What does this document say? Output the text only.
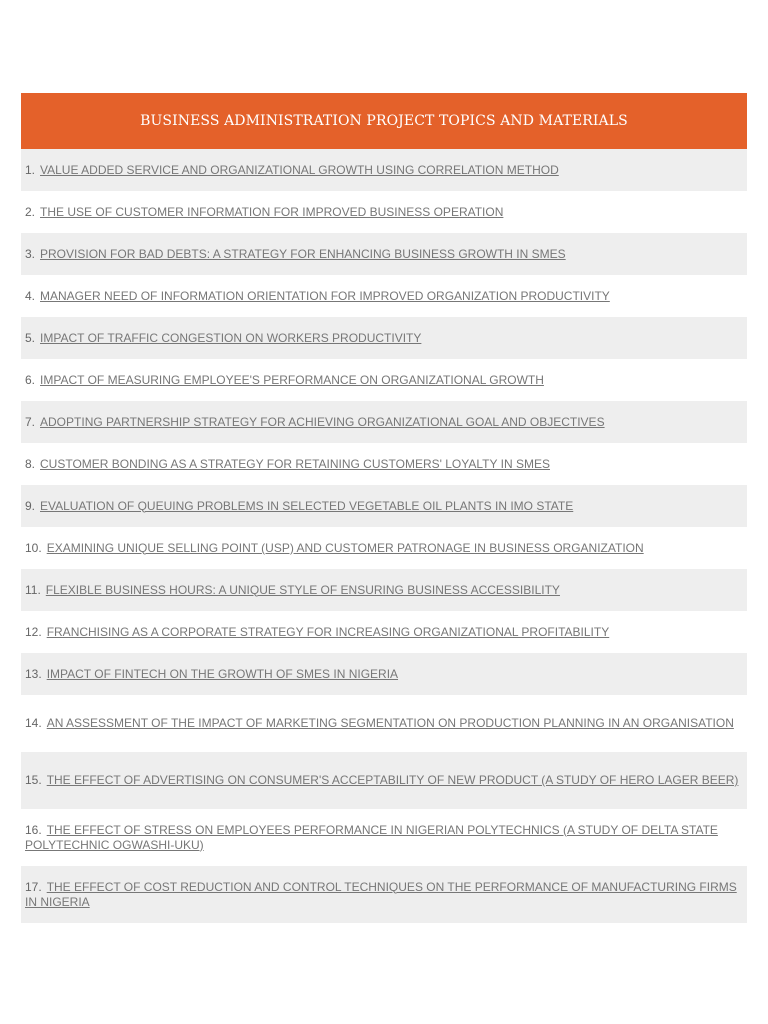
BUSINESS ADMINISTRATION PROJECT TOPICS AND MATERIALS
1. VALUE ADDED SERVICE AND ORGANIZATIONAL GROWTH USING CORRELATION METHOD
2. THE USE OF CUSTOMER INFORMATION FOR IMPROVED BUSINESS OPERATION
3. PROVISION FOR BAD DEBTS: A STRATEGY FOR ENHANCING BUSINESS GROWTH IN SMES
4. MANAGER NEED OF INFORMATION ORIENTATION FOR IMPROVED ORGANIZATION PRODUCTIVITY
5. IMPACT OF TRAFFIC CONGESTION ON WORKERS PRODUCTIVITY
6. IMPACT OF MEASURING EMPLOYEE'S PERFORMANCE ON ORGANIZATIONAL GROWTH
7. ADOPTING PARTNERSHIP STRATEGY FOR ACHIEVING ORGANIZATIONAL GOAL AND OBJECTIVES
8. CUSTOMER BONDING AS A STRATEGY FOR RETAINING CUSTOMERS' LOYALTY IN SMES
9. EVALUATION OF QUEUING PROBLEMS IN SELECTED VEGETABLE OIL PLANTS IN IMO STATE
10. EXAMINING UNIQUE SELLING POINT (USP) AND CUSTOMER PATRONAGE IN BUSINESS ORGANIZATION
11. FLEXIBLE BUSINESS HOURS: A UNIQUE STYLE OF ENSURING BUSINESS ACCESSIBILITY
12. FRANCHISING AS A CORPORATE STRATEGY FOR INCREASING ORGANIZATIONAL PROFITABILITY
13. IMPACT OF FINTECH ON THE GROWTH OF SMES IN NIGERIA
14. AN ASSESSMENT OF THE IMPACT OF MARKETING SEGMENTATION ON PRODUCTION PLANNING IN AN ORGANISATION
15. THE EFFECT OF ADVERTISING ON CONSUMER'S ACCEPTABILITY OF NEW PRODUCT (A STUDY OF HERO LAGER BEER)
16. THE EFFECT OF STRESS ON EMPLOYEES PERFORMANCE IN NIGERIAN POLYTECHNICS (A STUDY OF DELTA STATE POLYTECHNIC OGWASHI-UKU)
17. THE EFFECT OF COST REDUCTION AND CONTROL TECHNIQUES ON THE PERFORMANCE OF MANUFACTURING FIRMS IN NIGERIA
